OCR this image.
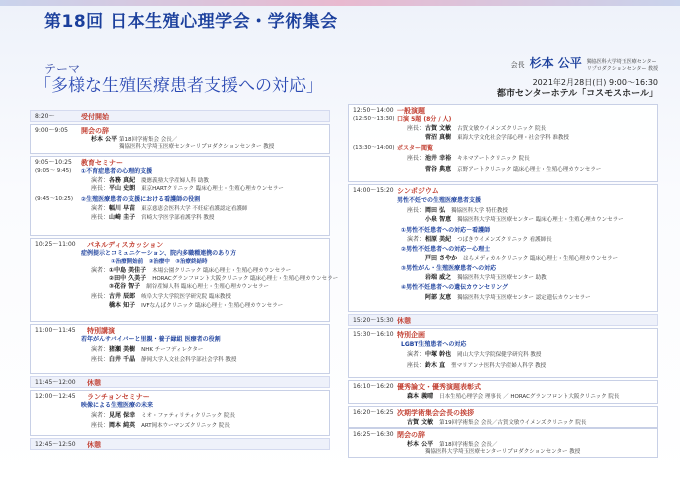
第18回 日本生殖心理学会・学術集会
テーマ
「多様な生殖医療患者支援への対応」
会長 杉本 公平 獨協医科大学埼玉医療センター
リプロダクションセンター 教授
2021年2月28日(日) 9:00～16:30
都市センターホテル「コスモスホール」
8:20～	受付開始
9:00～9:05 開会の辞
杉本 公平 第18回学術集会 会長／
獨協医科大学埼玉医療センターリプロダクションセンター 教授
9:05～10:25 教育セミナー
(9:05～ 9:45) ①不育症患者の心理的支援
演者：各務 真紀　 慶應義塾大学産婦人科 助教
座長：平山 史朗　 東京HARTクリニック 臨床心理士・生殖心理カウンセラー
(9:45～10:25) ②生殖医療患者の支援における看護師の役割
演者：幅川 早苗　 東京慈恵会医科大学 不妊症看護認定看護師
座長：山崎 圭子　 宮崎大学医学部看護学科 教授
10:25～11:00 パネルディスカッション
症例提示とコミュニケーション、院内多職種連携のあり方
①治療開始前　 ②治療中　 ③治療終結時
演者：①中島 美佳子　 木場公園クリニック 臨床心理士・生殖心理カウンセラー
②田中 久美子　 HORACグランフロント大阪クリニック 臨床心理士・生殖心理カウンセラー
③花谷 智子　 網谷産婦人科 臨床心理士・生殖心理カウンセラー
座長：古井 辰郎　 岐阜大学大学院医学研究院 臨床教授
橋本 知子　 IVFなんばクリニック 臨床心理士・生殖心理カウンセラー
11:00～11:45 特別講演
若年がんサバイバーと里親・養子縁組 医療者の役割
演者：猪瀬 美樹　 NHK チーフディレクター
座長：白井 千晶　 静岡大学人文社会科学部社会学科 教授
11:45～12:00 休憩
12:00～12:45 ランチョンセミナー
映像による生殖医療の未来
演者：見尾 保幸　 ミオ・ファティリティクリニック 院長
座長：岡本 純英　 ART岡本ウーマンズクリニック 院長
12:45～12:50 休憩
12:50～14:00 一般演題
(12:50～13:30) 口演 5題 (8分 / 人)
座長：古賀 文敏　 古賀文敏ウイメンズクリニック 院長
菅沼 真樹　 東海大学文化社会学部心理・社会学科 准教授
(13:30～14:00) ポスター閲覧
座長：池井 幸裕　 キネマアートクリニック 院長
菅谷 典恵　 京野アートクリニック 臨床心理士・生殖心理カウンセラー
14:00～15:20 シンポジウム
男性不妊での生殖医療患者支援
座長：岡田 弘　 獨協医科大学 特任教授
小泉 智恵　 獨協医科大学埼玉医療センター 臨床心理士・生殖心理カウンセラー
①男性不妊患者への対応－看護師
演者：相原 美紀　 つばきウイメンズクリニック 看護師長
②男性不妊患者への対応－心理士
戸田 さやか　 はらメディカルクリニック 臨床心理士・生殖心理カウンセラー
③男性がん・生殖医療患者への対応
岩端 威之　 獨協医科大学埼玉医療センター 助教
④男性不妊患者への遺伝カウンセリング
阿部 友恵　 獨協医科大学埼玉医療センター 認定遺伝カウンセラー
15:20～15:30 休憩
15:30～16:10 特別企画
LGBT生殖患者への対応
演者：中塚 幹也　 岡山大学大学院保健学研究科 教授
座長：鈴木 直　 聖マリアンナ医科大学産婦人科学 教授
16:10～16:20 優秀論文・優秀演題表彰式
森本 義晴　 日本生殖心理学会 理事長 ／ HORACグランフロント大阪クリニック 院長
16:20～16:25 次期学術集会会長の挨拶
古賀 文敏　 第19回学術集会 会長／古賀文敏ウイメンズクリニック 院長
16:25～16:30 閉会の辞
杉本 公平　 第18回学術集会 会長／
獨協医科大学埼玉医療センターリプロダクションセンター 教授
